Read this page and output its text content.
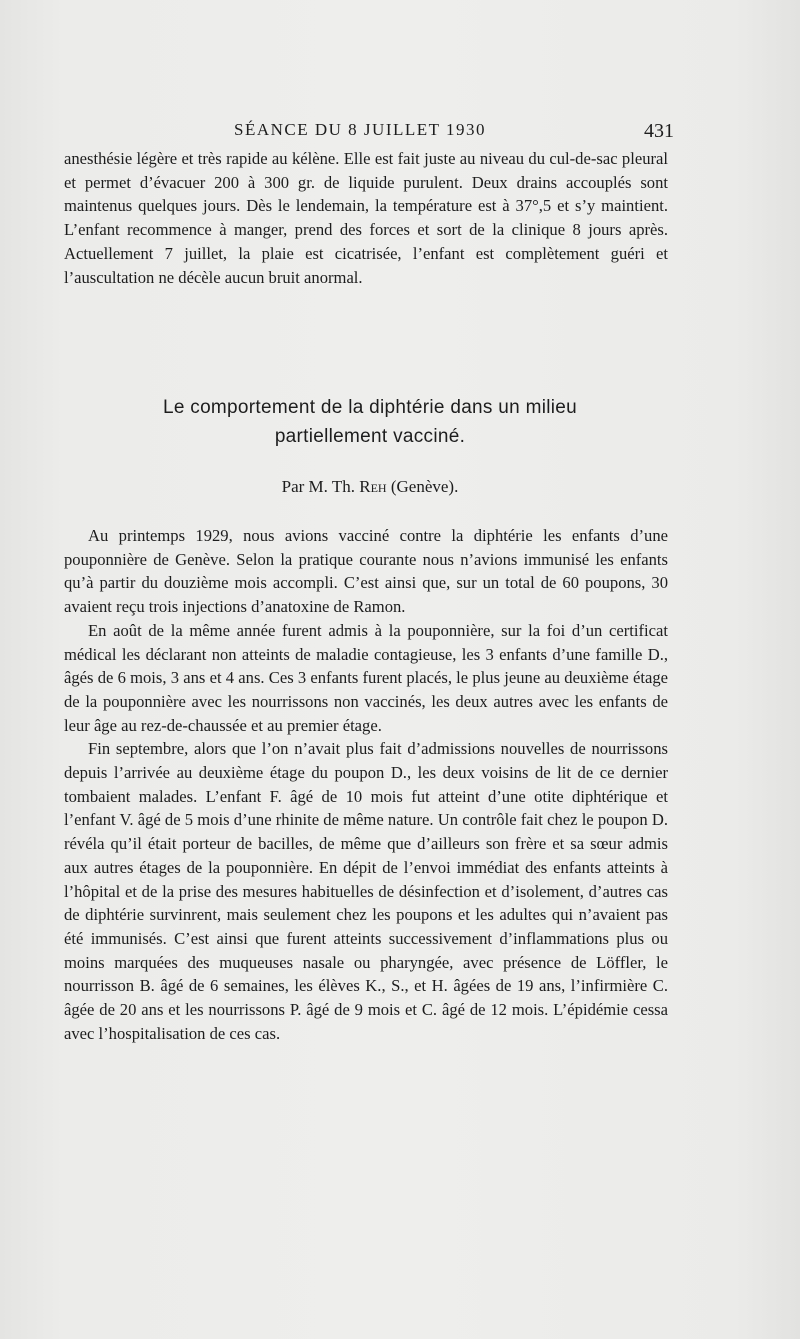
SÉANCE DU 8 JUILLET 1930	431

anesthésie légère et très rapide au kélène. Elle est fait juste au niveau du cul-de-sac pleural et permet d’évacuer 200 à 300 gr. de liquide purulent. Deux drains accouplés sont maintenus quelques jours. Dès le lendemain, la température est à 37°,5 et s’y maintient. L’enfant recommence à manger, prend des forces et sort de la clinique 8 jours après. Actuellement 7 juillet, la plaie est cicatrisée, l’enfant est complètement guéri et l’auscultation ne décèle aucun bruit anormal.

Le comportement de la diphtérie dans un milieu
partiellement vacciné.
Par M. Th. Reh (Genève).

Au printemps 1929, nous avions vacciné contre la diphtérie les enfants d’une pouponnière de Genève. Selon la pratique courante nous n’avions immunisé les enfants qu’à partir du douzième mois accompli. C’est ainsi que, sur un total de 60 poupons, 30 avaient reçu trois injections d’anatoxine de Ramon.

En août de la même année furent admis à la pouponnière, sur la foi d’un certificat médical les déclarant non atteints de maladie contagieuse, les 3 enfants d’une famille D., âgés de 6 mois, 3 ans et 4 ans. Ces 3 enfants furent placés, le plus jeune au deuxième étage de la pouponnière avec les nourrissons non vaccinés, les deux autres avec les enfants de leur âge au rez-de-chaussée et au premier étage.

Fin septembre, alors que l’on n’avait plus fait d’admissions nouvelles de nourrissons depuis l’arrivée au deuxième étage du poupon D., les deux voisins de lit de ce dernier tombaient malades. L’enfant F. âgé de 10 mois fut atteint d’une otite diphtérique et l’enfant V. âgé de 5 mois d’une rhinite de même nature. Un contrôle fait chez le poupon D. révéla qu’il était porteur de bacilles, de même que d’ailleurs son frère et sa sœur admis aux autres étages de la pouponnière. En dépit de l’envoi immédiat des enfants atteints à l’hôpital et de la prise des mesures habituelles de désinfection et d’isolement, d’autres cas de diphtérie survinrent, mais seulement chez les poupons et les adultes qui n’avaient pas été immunisés. C’est ainsi que furent atteints successivement d’inflammations plus ou moins marquées des muqueuses nasale ou pharyngée, avec présence de Löffler, le nourrisson B. âgé de 6 semaines, les élèves K., S., et H. âgées de 19 ans, l’infirmière C. âgée de 20 ans et les nourrissons P. âgé de 9 mois et C. âgé de 12 mois. L’épidémie cessa avec l’hospitalisation de ces cas.
